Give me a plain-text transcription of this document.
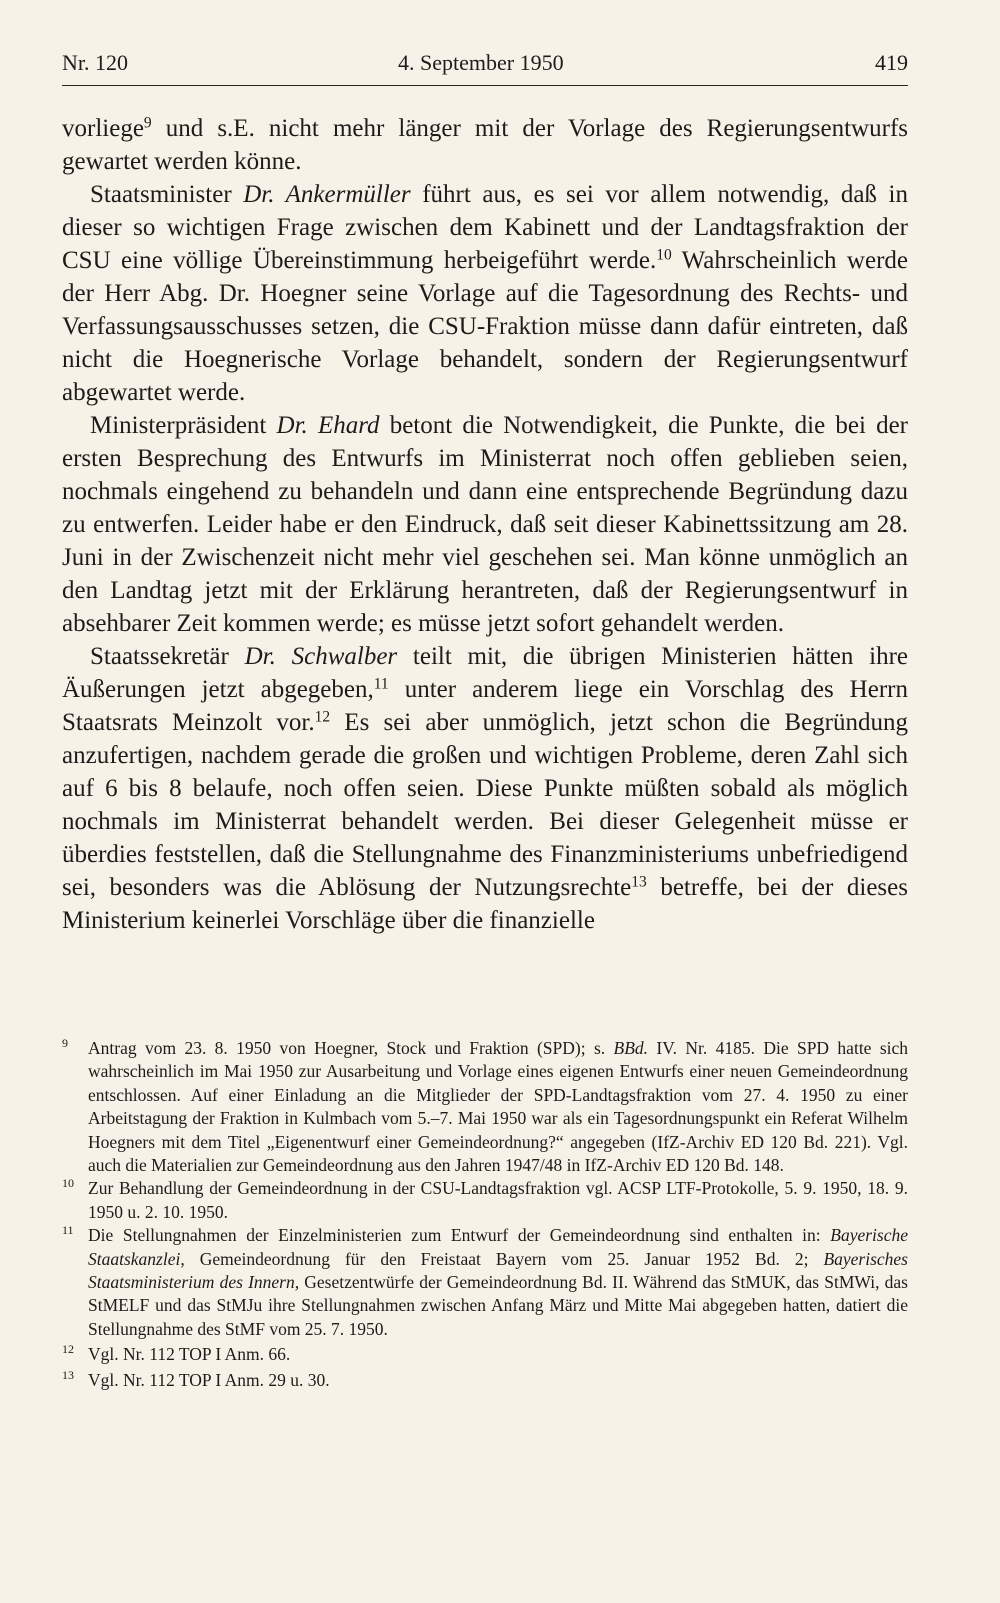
Nr. 120	4. September 1950	419

vorliege$^9$ und s.E. nicht mehr länger mit der Vorlage des Regierungsentwurfs gewartet werden könne.

Staatsminister Dr. Ankermüller führt aus, es sei vor allem notwendig, daß in dieser so wichtigen Frage zwischen dem Kabinett und der Landtagsfraktion der CSU eine völlige Übereinstimmung herbeigeführt werde.$^{10}$ Wahrscheinlich werde der Herr Abg. Dr. Hoegner seine Vorlage auf die Tagesordnung des Rechts- und Verfassungsausschusses setzen, die CSU-Fraktion müsse dann dafür eintreten, daß nicht die Hoegnerische Vorlage behandelt, sondern der Regierungsentwurf abgewartet werde.

Ministerpräsident Dr. Ehard betont die Notwendigkeit, die Punkte, die bei der ersten Besprechung des Entwurfs im Ministerrat noch offen geblieben seien, nochmals eingehend zu behandeln und dann eine entsprechende Begründung dazu zu entwerfen. Leider habe er den Eindruck, daß seit dieser Kabinettssitzung am 28. Juni in der Zwischenzeit nicht mehr viel geschehen sei. Man könne unmöglich an den Landtag jetzt mit der Erklärung herantreten, daß der Regierungsentwurf in absehbarer Zeit kommen werde; es müsse jetzt sofort gehandelt werden.

Staatssekretär Dr. Schwalber teilt mit, die übrigen Ministerien hätten ihre Äußerungen jetzt abgegeben,$^{11}$ unter anderem liege ein Vorschlag des Herrn Staatsrats Meinzolt vor.$^{12}$ Es sei aber unmöglich, jetzt schon die Begründung anzufertigen, nachdem gerade die großen und wichtigen Probleme, deren Zahl sich auf 6 bis 8 belaufe, noch offen seien. Diese Punkte müßten sobald als möglich nochmals im Ministerrat behandelt werden. Bei dieser Gelegenheit müsse er überdies feststellen, daß die Stellungnahme des Finanzministeriums unbefriedigend sei, besonders was die Ablösung der Nutzungsrechte$^{13}$ betreffe, bei der dieses Ministerium keinerlei Vorschläge über die finanzielle

9 Antrag vom 23. 8. 1950 von Hoegner, Stock und Fraktion (SPD); s. BBd. IV. Nr. 4185. Die SPD hatte sich wahrscheinlich im Mai 1950 zur Ausarbeitung und Vorlage eines eigenen Entwurfs einer neuen Gemeindeordnung entschlossen. Auf einer Einladung an die Mitglieder der SPD-Landtagsfraktion vom 27. 4. 1950 zu einer Arbeitstagung der Fraktion in Kulmbach vom 5.–7. Mai 1950 war als ein Tagesordnungspunkt ein Referat Wilhelm Hoegners mit dem Titel „Eigenentwurf einer Gemeindeordnung?“ angegeben (IfZ-Archiv ED 120 Bd. 221). Vgl. auch die Materialien zur Gemeindeordnung aus den Jahren 1947/48 in IfZ-Archiv ED 120 Bd. 148.
10 Zur Behandlung der Gemeindeordnung in der CSU-Landtagsfraktion vgl. ACSP LTF-Protokolle, 5. 9. 1950, 18. 9. 1950 u. 2. 10. 1950.
11 Die Stellungnahmen der Einzelministerien zum Entwurf der Gemeindeordnung sind enthalten in: Bayerische Staatskanzlei, Gemeindeordnung für den Freistaat Bayern vom 25. Januar 1952 Bd. 2; Bayerisches Staatsministerium des Innern, Gesetzentwürfe der Gemeindeordnung Bd. II. Während das StMUK, das StMWi, das StMELF und das StMJu ihre Stellungnahmen zwischen Anfang März und Mitte Mai abgegeben hatten, datiert die Stellungnahme des StMF vom 25. 7. 1950.
12 Vgl. Nr. 112 TOP I Anm. 66.
13 Vgl. Nr. 112 TOP I Anm. 29 u. 30.
